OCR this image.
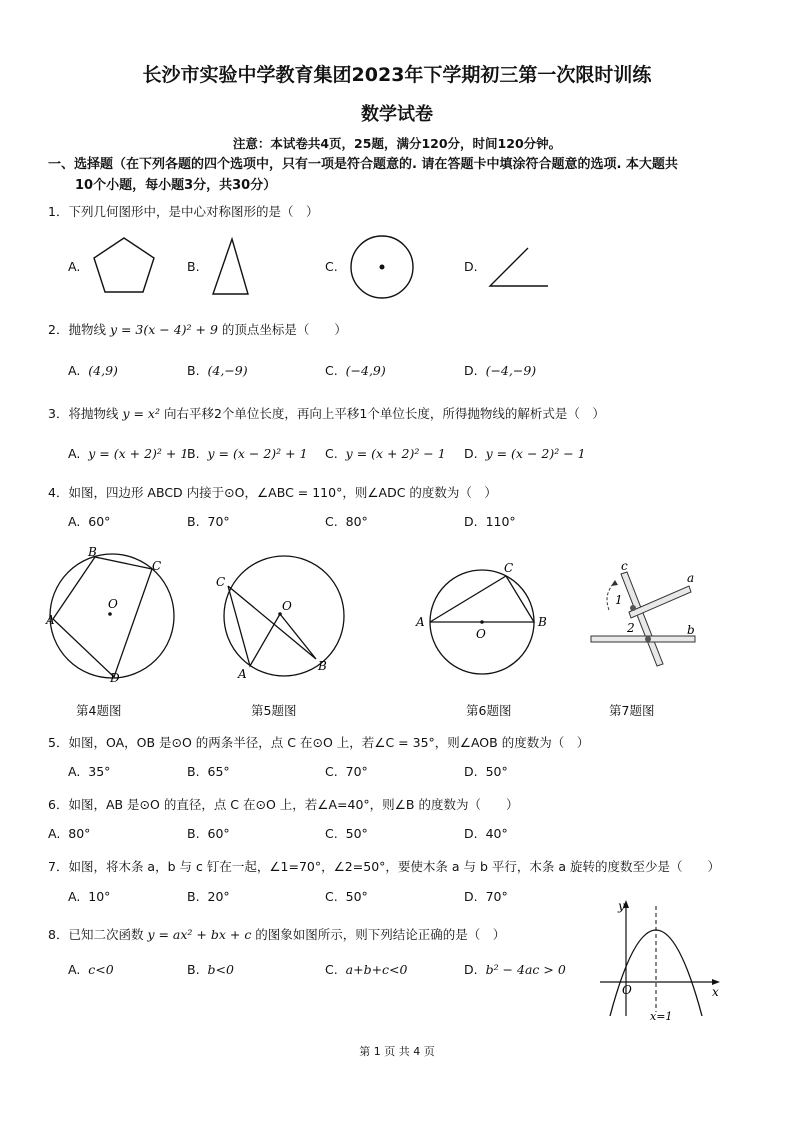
长沙市实验中学教育集团2023年下学期初三第一次限时训练
数学试卷
注意：本试卷共4页，25题，满分120分，时间120分钟。
一、选择题（在下列各题的四个选项中，只有一项是符合题意的. 请在答题卡中填涂符合题意的选项. 本大题共
10个小题，每小题3分，共30分）
1．下列几何图形中，是中心对称图形的是（　）
A.	B.	C.	D.
2．抛物线 y = 3(x − 4)² + 9 的顶点坐标是（　　）
A. (4,9)	B. (4,−9)	C. (−4,9)	D. (−4,−9)
3．将抛物线 y = x² 向右平移2个单位长度，再向上平移1个单位长度，所得抛物线的解析式是（　）
A. y = (x + 2)² + 1
B. y = (x − 2)² + 1 C. y = (x + 2)² − 1 D. y = (x − 2)² − 1
4．如图，四边形 ABCD 内接于⊙O，∠ABC = 110°，则∠ADC 的度数为（　）
A. 60°	B. 70°	C. 80°	D. 110°
A
B
C
D
O
C
O
A
B
A
O
B
C	c
a
b
1
2
第4题图	第5题图	第6题图	第7题图
5．如图，OA，OB 是⊙O 的两条半径，点 C 在⊙O 上，若∠C = 35°，则∠AOB 的度数为（　）
A. 35°	B. 65°	C. 70°	D. 50°
6．如图，AB 是⊙O 的直径，点 C 在⊙O 上，若∠A=40°，则∠B 的度数为（　　）
A. 80°	B. 60°	C. 50°	D. 40°
7．如图，将木条 a，b 与 c 钉在一起，∠1=70°，∠2=50°，要使木条 a 与 b 平行，木条 a 旋转的度数至少是（　　）
A. 10°	B. 20°	C. 50°	D. 70°
8．已知二次函数 y = ax² + bx + c 的图象如图所示，则下列结论正确的是（　）
A. c<0	B. b<0	C. a+b+c<0	D. b² − 4ac > 0
y
x
O
x=1
第 1 页 共 4 页
